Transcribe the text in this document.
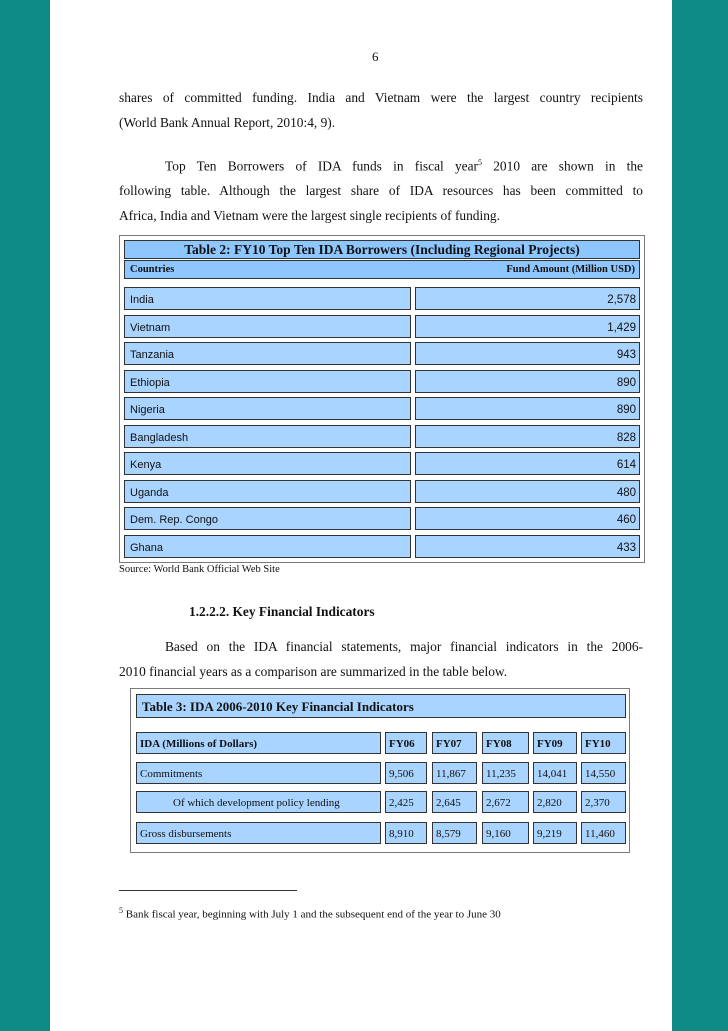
6
shares of committed funding. India and Vietnam were the largest country recipients
(World Bank Annual Report, 2010:4, 9).
Top Ten Borrowers of IDA funds in fiscal year$^5$ 2010 are shown in the
following table. Although the largest share of IDA resources has been committed to
Africa, India and Vietnam were the largest single recipients of funding.
Table 2: FY10 Top Ten IDA Borrowers (Including Regional Projects)
Countries	Fund Amount (Million USD)
India	2,578
Vietnam	1,429
Tanzania	943
Ethiopia	890
Nigeria	890
Bangladesh	828
Kenya	614
Uganda	480
Dem. Rep. Congo	460
Ghana	433
Source: World Bank Official Web Site
1.2.2.2. Key Financial Indicators
Based on the IDA financial statements, major financial indicators in the 2006-
2010 financial years as a comparison are summarized in the table below.
Table 3: IDA 2006-2010 Key Financial Indicators
IDA (Millions of Dollars)	FY06	FY07	FY08	FY09	FY10
Commitments	9,506	11,867	11,235	14,041	14,550
Of which development policy lending	2,425	2,645	2,672	2,820	2,370
Gross disbursements	8,910	8,579	9,160	9,219	11,460
$^5$ Bank fiscal year, beginning with July 1 and the subsequent end of the year to June 30
